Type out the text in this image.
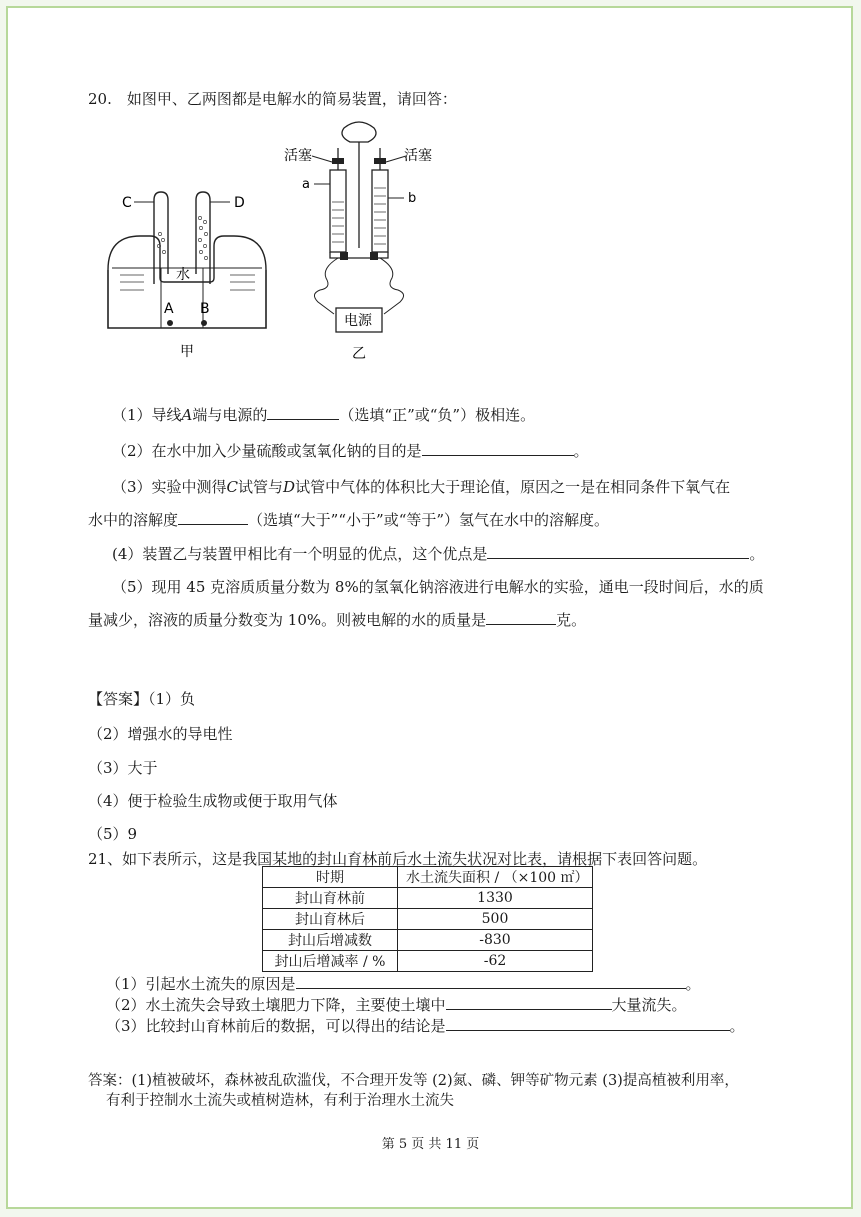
20.　如图甲、乙两图都是电解水的简易装置，请回答：
C	D
水
A B
甲
活塞	活塞
a
b
电源
乙
（1）导线A端与电源的	（选填“正”或“负”）极相连。
（2）在水中加入少量硫酸或氢氧化钠的目的是	。
（3）实验中测得C试管与D试管中气体的体积比大于理论值，原因之一是在相同条件下氧气在
水中的溶解度	（选填“大于”“小于”或“等于”）氢气在水中的溶解度。
(4）装置乙与装置甲相比有一个明显的优点，这个优点是	。
（5）现用 45 克溶质质量分数为 8%的氢氧化钠溶液进行电解水的实验，通电一段时间后，水的质
量减少，溶液的质量分数变为 10%。则被电解的水的质量是	克。
【答案】（1）负
（2）增强水的导电性
（3）大于
（4）便于检验生成物或便于取用气体
（5）9
21、如下表所示，这是我国某地的封山育林前后水土流失状况对比表，请根据下表回答问题。
时期	水土流失面积 / （×100 ㎡）
封山育林前	1330
封山育林后	500
封山后增减数	-830
封山后增减率 / %	-62
（1）引起水土流失的原因是	。
（2）水土流失会导致土壤肥力下降，主要使土壤中	大量流失。
（3）比较封山育林前后的数据，可以得出的结论是	。
答案：(1)植被破坏，森林被乱砍滥伐，不合理开发等 (2)氮、磷、钾等矿物元素 (3)提高植被利用率，
有利于控制水土流失或植树造林，有利于治理水土流失
第 5 页 共 11 页
